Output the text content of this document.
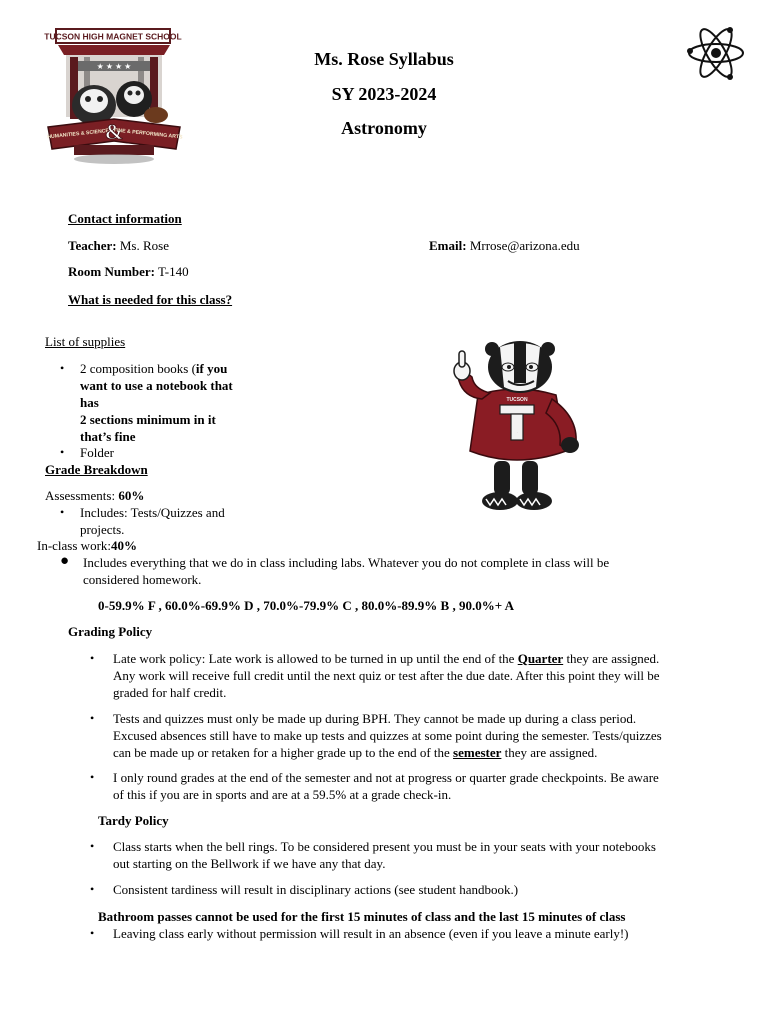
TUCSON HIGH MAGNET SCHOOL
★ ★ ★ ★
HUMANITIES & SCIENCES
&
FINE & PERFORMING ARTS
Ms. Rose Syllabus
SY 2023-2024
Astronomy
Contact information
Teacher: Ms. Rose	Email: Mrrose@arizona.edu
Room Number: T-140
What is needed for this class?
List of supplies
• 2 composition books (if you
want to use a notebook that
has
2 sections minimum in it
that’s fine
• Folder
TUCSON
T
Grade Breakdown
Assessments: 60%
• Includes: Tests/Quizzes and
projects.
In-class work:40%
● Includes everything that we do in class including labs. Whatever you do not complete in class will be
considered homework.
0-59.9% F , 60.0%-69.9% D , 70.0%-79.9% C , 80.0%-89.9% B , 90.0%+ A
Grading Policy
• Late work policy: Late work is allowed to be turned in up until the end of the Quarter they are assigned.
Any work will receive full credit until the next quiz or test after the due date. After this point they will be
graded for half credit.
• Tests and quizzes must only be made up during BPH. They cannot be made up during a class period.
Excused absences still have to make up tests and quizzes at some point during the semester. Tests/quizzes
can be made up or retaken for a higher grade up to the end of the semester they are assigned.
• I only round grades at the end of the semester and not at progress or quarter grade checkpoints. Be aware
of this if you are in sports and are at a 59.5% at a grade check-in.
Tardy Policy
• Class starts when the bell rings. To be considered present you must be in your seats with your notebooks
out starting on the Bellwork if we have any that day.
• Consistent tardiness will result in disciplinary actions (see student handbook.)
Bathroom passes cannot be used for the first 15 minutes of class and the last 15 minutes of class
• Leaving class early without permission will result in an absence (even if you leave a minute early!)
